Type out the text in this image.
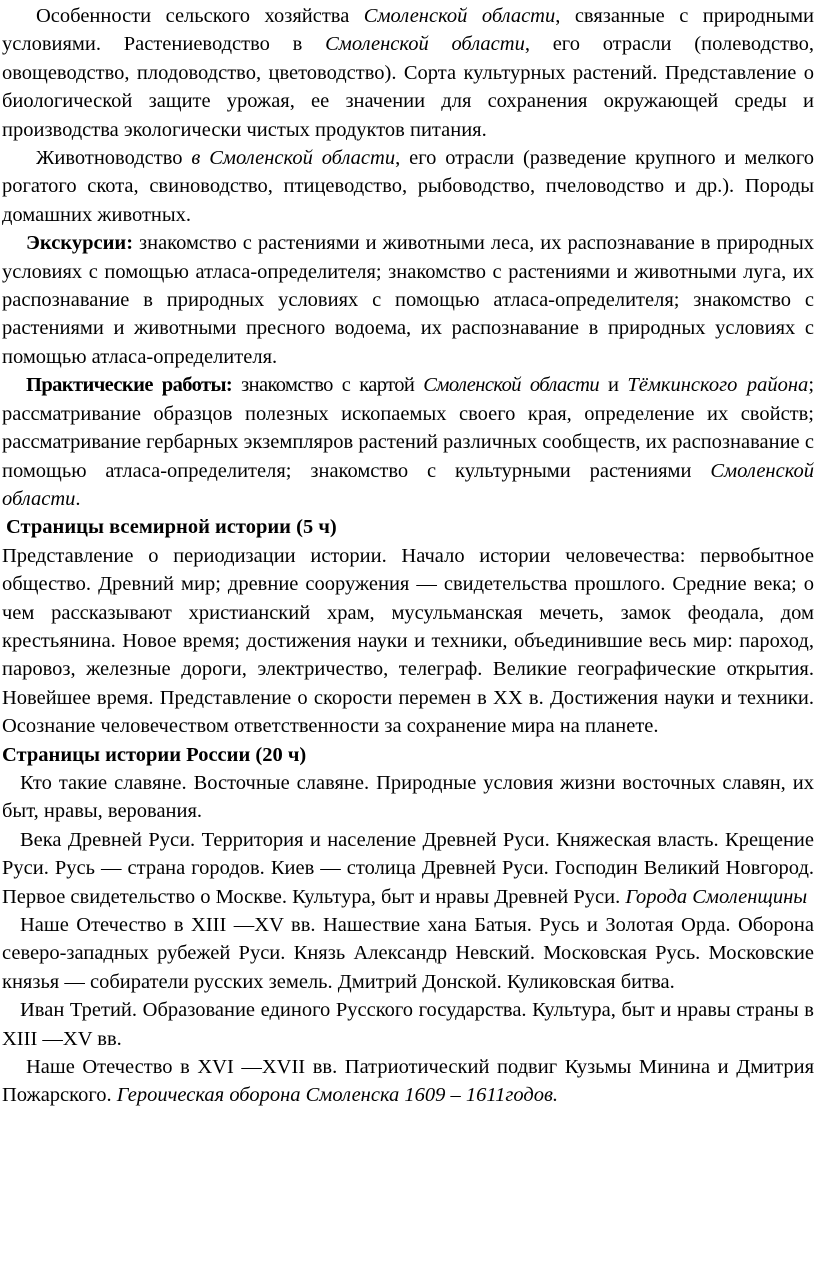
Особенности сельского хозяйства Смоленской области, связанные с природными условиями. Растениеводство в Смоленской области, его отрасли (полеводство, овощеводство, плодоводство, цветоводство). Сорта культурных растений. Представление о биологической защите урожая, ее значении для сохранения окружающей среды и производства экологически чистых продуктов питания.

Животноводство в Смоленской области, его отрасли (разведение крупного и мелкого рогатого скота, свиноводство, птицеводство, рыбоводство, пчеловодство и др.). Породы домашних животных.

Экскурсии: знакомство с растениями и животными леса, их распознавание в природных условиях с помощью атласа-определителя; знакомство с растениями и животными луга, их распознавание в природных условиях с помощью атласа-определителя; знакомство с растениями и животными пресного водоема, их распознавание в природных условиях с помощью атласа-определителя.

Практические работы: знакомство с картой Смоленской области и Тёмкинского района; рассматривание образцов полезных ископаемых своего края, определение их свойств; рассматривание гербарных экземпляров растений различных сообществ, их распознавание с помощью атласа-определителя; знакомство с культурными растениями Смоленской области.

Страницы всемирной истории (5 ч)

Представление о периодизации истории. Начало истории человечества: первобытное общество. Древний мир; древние сооружения — свидетельства прошлого. Средние века; о чем рассказывают христианский храм, мусульманская мечеть, замок феодала, дом крестьянина. Новое время; достижения науки и техники, объединившие весь мир: пароход, паровоз, железные дороги, электричество, телеграф. Великие географические открытия. Новейшее время. Представление о скорости перемен в XX в. Достижения науки и техники. Осознание человечеством ответственности за сохранение мира на планете.

Страницы истории России (20 ч)

Кто такие славяне. Восточные славяне. Природные условия жизни восточных славян, их быт, нравы, верования.

Века Древней Руси. Территория и население Древней Руси. Княжеская власть. Крещение Руси. Русь — страна городов. Киев — столица Древней Руси. Господин Великий Новгород. Первое свидетельство о Москве. Культура, быт и нравы Древней Руси. Города Смоленщины

Наше Отечество в XIII —XV вв. Нашествие хана Батыя. Русь и Золотая Орда. Оборона северо-западных рубежей Руси. Князь Александр Невский. Московская Русь. Московские князья — собиратели русских земель. Дмитрий Донской. Куликовская битва.

Иван Третий. Образование единого Русского государства. Культура, быт и нравы страны в XIII —XV вв.

Наше Отечество в XVI —XVII вв. Патриотический подвиг Кузьмы Минина и Дмитрия Пожарского. Героическая оборона Смоленска 1609 – 1611годов.
